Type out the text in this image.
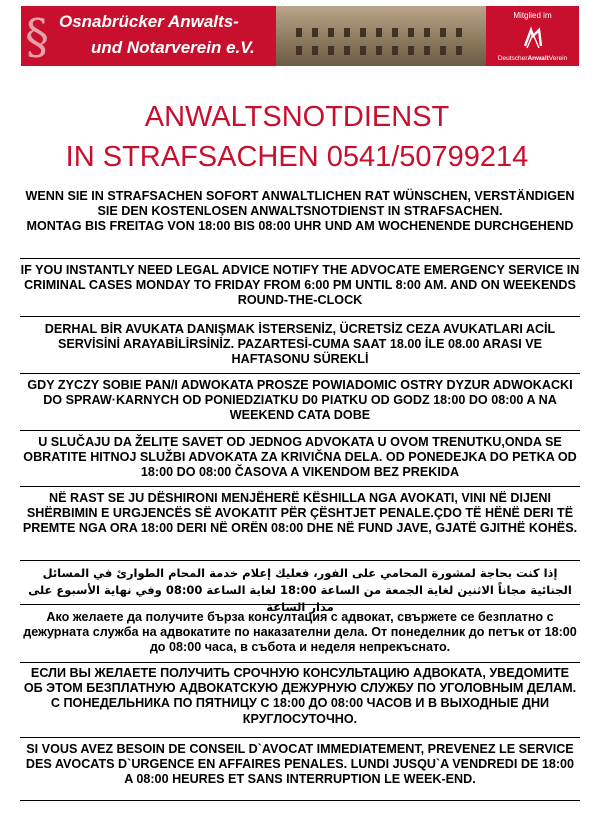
§ Osnabrücker Anwalts-
und Notarverein e.V.
Mitglied im
DeutscherAnwaltVerein
ANWALTSNOTDIENST
IN STRAFSACHEN 0541/50799214
WENN SIE IN STRAFSACHEN SOFORT ANWALTLICHEN RAT WÜNSCHEN, VERSTÄNDIGEN SIE DEN KOSTENLOSEN ANWALTSNOTDIENST IN STRAFSACHEN.
MONTAG BIS FREITAG VON 18:00 BIS 08:00 UHR UND AM WOCHENENDE DURCHGEHEND
IF YOU INSTANTLY NEED LEGAL ADVICE NOTIFY THE ADVOCATE EMERGENCY SERVICE IN CRIMINAL CASES MONDAY TO FRIDAY FROM 6:00 PM UNTIL 8:00 AM. AND ON WEEKENDS ROUND-THE-CLOCK
DERHAL BİR AVUKATA DANIŞMAK İSTERSENİZ, ÜCRETSİZ CEZA AVUKATLARI ACİL SERVİSİNİ ARAYABİLİRSİNİZ. PAZARTESİ-CUMA SAAT 18.00 İLE 08.00 ARASI VE HAFTASONU SÜREKLİ
GDY ZYCZY SOBIE PAN/I ADWOKATA PROSZE POWIADOMIC OSTRY DYZUR ADWOKACKI DO SPRAW·KARNYCH OD PONIEDZIATKU D0 PIATKU OD GODZ 18:00 DO 08:00 A NA WEEKEND CATA DOBE
U SLUČAJU DA ŽELITE SAVET OD JEDNOG ADVOKATA U OVOM TRENUTKU,ONDA SE OBRATITE HITNOJ SLUŽBI ADVOKATA ZA KRIVIČNA DELA. OD PONEDEJKA DO PETKA OD 18:00 DO 08:00 ČASOVA A VIKENDOM BEZ PREKIDA
NË RAST SE JU DËSHIRONI MENJËHERË KËSHILLA NGA AVOKATI, VINI NË DIJENI SHËRBIMIN E URGJENCËS SË AVOKATIT PËR ÇËSHTJET PENALE.ÇDO TË HËNË DERI TË PREMTE NGA ORA 18:00 DERI NË ORËN 08:00 DHE NË FUND JAVE, GJATË GJITHË KOHËS.
إذا كنت بحاجة لمشورة المحامي على الفور، فعليك إعلام خدمة المحام الطوارئ في المسائل الجنائية مجاناً الاثنين لغاية الجمعة من الساعة 18:00 لغاية الساعة 08:00 وفي نهاية الأسبوع على مدار الساعة
Ако желаете да получите бърза консултация с адвокат, свържете се безплатно с дежурната служба на адвокатите по наказателни дела. От понеделник до петък от 18:00 до 08:00 часа, в събота и неделя непрекъснато.
ЕСЛИ ВЫ ЖЕЛАЕТЕ ПОЛУЧИТЬ СРОЧНУЮ КОНСУЛЬТАЦИЮ АДВОКАТА, УВЕДОМИТЕ ОБ ЭТОМ БЕЗПЛАТНУЮ АДВОКАТСКУЮ ДЕЖУРНУЮ СЛУЖБУ ПО УГОЛОВНЫМ ДЕЛАМ. С ПОНЕДЕЛЬНИКА ПО ПЯТНИЦУ С 18:00 ДО 08:00 ЧАСОВ И В ВЫХОДНЫЕ ДНИ КРУГЛОСУТОЧНО.
SI VOUS AVEZ BESOIN DE CONSEIL D`AVOCAT IMMEDIATEMENT, PREVENEZ LE SERVICE DES AVOCATS D`URGENCE EN AFFAIRES PENALES. LUNDI JUSQU`A VENDREDI DE 18:00 A 08:00 HEURES ET SANS INTERRUPTION LE WEEK-END.
